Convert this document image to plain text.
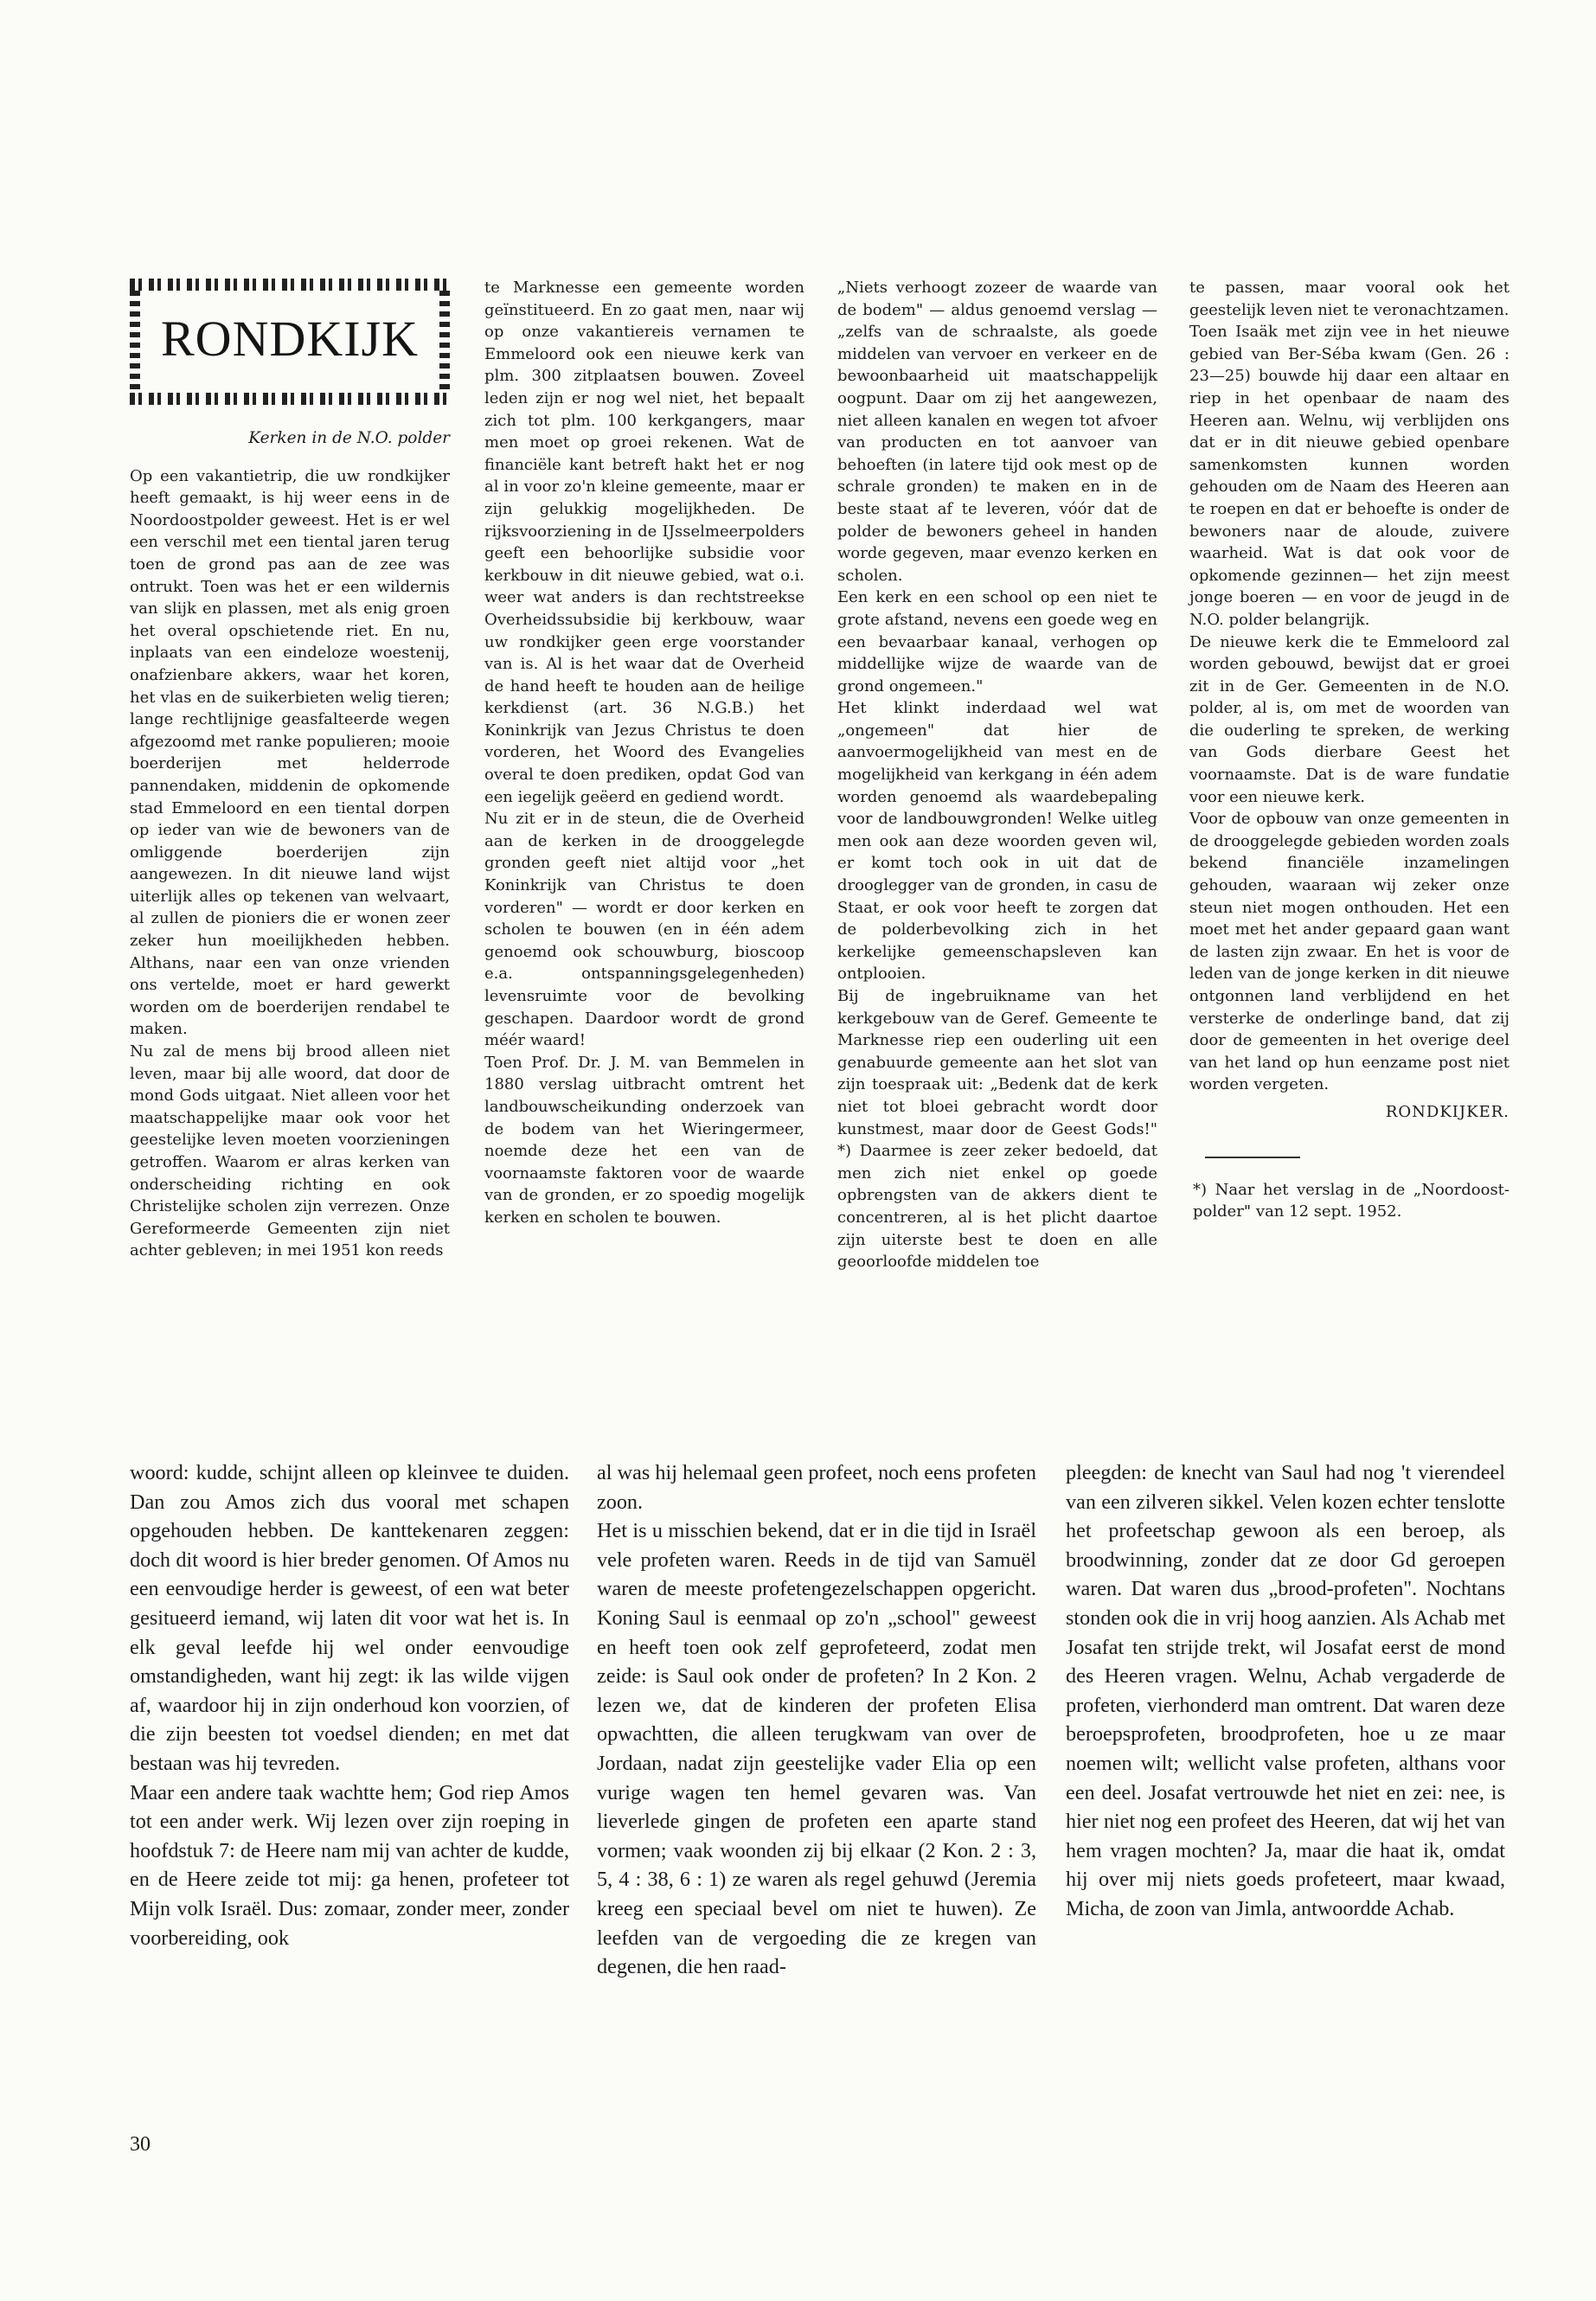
RONDKIJK

Kerken in de N.O. polder

Op een vakantietrip, die uw rondkijker heeft gemaakt, is hij weer eens in de Noordoostpolder geweest. Het is er wel een verschil met een tiental jaren terug toen de grond pas aan de zee was ontrukt. Toen was het er een wildernis van slijk en plassen, met als enig groen het overal opschietende riet. En nu, inplaats van een eindeloze woestenij, onafzienbare akkers, waar het koren, het vlas en de suikerbieten welig tieren; lange rechtlijnige geasfalteerde wegen afgezoomd met ranke populieren; mooie boerderijen met helderrode pannendaken, middenin de opkomende stad Emmeloord en een tiental dorpen op ieder van wie de bewoners van de omliggende boerderijen zijn aangewezen. In dit nieuwe land wijst uiterlijk alles op tekenen van welvaart, al zullen de pioniers die er wonen zeer zeker hun moeilijkheden hebben. Althans, naar een van onze vrienden ons vertelde, moet er hard gewerkt worden om de boerderijen rendabel te maken.

Nu zal de mens bij brood alleen niet leven, maar bij alle woord, dat door de mond Gods uitgaat. Niet alleen voor het maatschappelijke maar ook voor het geestelijke leven moeten voorzieningen getroffen. Waarom er alras kerken van onderscheiding richting en ook Christelijke scholen zijn verrezen. Onze Gereformeerde Gemeenten zijn niet achter gebleven; in mei 1951 kon reeds

te Marknesse een gemeente worden geïnstitueerd. En zo gaat men, naar wij op onze vakantiereis vernamen te Emmeloord ook een nieuwe kerk van plm. 300 zitplaatsen bouwen. Zoveel leden zijn er nog wel niet, het bepaalt zich tot plm. 100 kerkgangers, maar men moet op groei rekenen. Wat de financiële kant betreft hakt het er nog al in voor zo'n kleine gemeente, maar er zijn gelukkig mogelijkheden. De rijksvoorziening in de IJsselmeerpolders geeft een behoorlijke subsidie voor kerkbouw in dit nieuwe gebied, wat o.i. weer wat anders is dan rechtstreekse Overheidssubsidie bij kerkbouw, waar uw rondkijker geen erge voorstander van is. Al is het waar dat de Overheid de hand heeft te houden aan de heilige kerkdienst (art. 36 N.G.B.) het Koninkrijk van Jezus Christus te doen vorderen, het Woord des Evangelies overal te doen prediken, opdat God van een iegelijk geëerd en gediend wordt.

Nu zit er in de steun, die de Overheid aan de kerken in de drooggelegde gronden geeft niet altijd voor „het Koninkrijk van Christus te doen vorderen" — wordt er door kerken en scholen te bouwen (en in één adem genoemd ook schouwburg, bioscoop e.a. ontspanningsgelegenheden) levensruimte voor de bevolking geschapen. Daardoor wordt de grond méér waard!

Toen Prof. Dr. J. M. van Bemmelen in 1880 verslag uitbracht omtrent het landbouwscheikunding onderzoek van de bodem van het Wieringermeer, noemde deze het een van de voornaamste faktoren voor de waarde van de gronden, er zo spoedig mogelijk kerken en scholen te bouwen.

„Niets verhoogt zozeer de waarde van de bodem" — aldus genoemd verslag — „zelfs van de schraalste, als goede middelen van vervoer en verkeer en de bewoonbaarheid uit maatschappelijk oogpunt. Daar om zij het aangewezen, niet alleen kanalen en wegen tot afvoer van producten en tot aanvoer van behoeften (in latere tijd ook mest op de schrale gronden) te maken en in de beste staat af te leveren, vóór dat de polder de bewoners geheel in handen worde gegeven, maar evenzo kerken en scholen.

Een kerk en een school op een niet te grote afstand, nevens een goede weg en een bevaarbaar kanaal, verhogen op middellijke wijze de waarde van de grond ongemeen."

Het klinkt inderdaad wel wat „ongemeen" dat hier de aanvoermogelijkheid van mest en de mogelijkheid van kerkgang in één adem worden genoemd als waardebepaling voor de landbouwgronden! Welke uitleg men ook aan deze woorden geven wil, er komt toch ook in uit dat de drooglegger van de gronden, in casu de Staat, er ook voor heeft te zorgen dat de polderbevolking zich in het kerkelijke gemeenschapsleven kan ontplooien.

Bij de ingebruikname van het kerkgebouw van de Geref. Gemeente te Marknesse riep een ouderling uit een genabuurde gemeente aan het slot van zijn toespraak uit: „Bedenk dat de kerk niet tot bloei gebracht wordt door kunstmest, maar door de Geest Gods!" *) Daarmee is zeer zeker bedoeld, dat men zich niet enkel op goede opbrengsten van de akkers dient te concentreren, al is het plicht daartoe zijn uiterste best te doen en alle geoorloofde middelen toe

te passen, maar vooral ook het geestelijk leven niet te veronachtzamen.

Toen Isaäk met zijn vee in het nieuwe gebied van Ber-Séba kwam (Gen. 26 : 23—25) bouwde hij daar een altaar en riep in het openbaar de naam des Heeren aan. Welnu, wij verblijden ons dat er in dit nieuwe gebied openbare samenkomsten kunnen worden gehouden om de Naam des Heeren aan te roepen en dat er behoefte is onder de bewoners naar de aloude, zuivere waarheid. Wat is dat ook voor de opkomende gezinnen— het zijn meest jonge boeren — en voor de jeugd in de N.O. polder belangrijk.

De nieuwe kerk die te Emmeloord zal worden gebouwd, bewijst dat er groei zit in de Ger. Gemeenten in de N.O. polder, al is, om met de woorden van die ouderling te spreken, de werking van Gods dierbare Geest het voornaamste. Dat is de ware fundatie voor een nieuwe kerk.

Voor de opbouw van onze gemeenten in de drooggelegde gebieden worden zoals bekend financiële inzamelingen gehouden, waaraan wij zeker onze steun niet mogen onthouden. Het een moet met het ander gepaard gaan want de lasten zijn zwaar. En het is voor de leden van de jonge kerken in dit nieuwe ontgonnen land verblijdend en het versterke de onderlinge band, dat zij door de gemeenten in het overige deel van het land op hun eenzame post niet worden vergeten.

RONDKIJKER.

*) Naar het verslag in de „Noordoost-polder" van 12 sept. 1952.

woord: kudde, schijnt alleen op kleinvee te duiden. Dan zou Amos zich dus vooral met schapen opgehouden hebben. De kanttekenaren zeggen: doch dit woord is hier breder genomen. Of Amos nu een eenvoudige herder is geweest, of een wat beter gesitueerd iemand, wij laten dit voor wat het is. In elk geval leefde hij wel onder eenvoudige omstandigheden, want hij zegt: ik las wilde vijgen af, waardoor hij in zijn onderhoud kon voorzien, of die zijn beesten tot voedsel dienden; en met dat bestaan was hij tevreden.

Maar een andere taak wachtte hem; God riep Amos tot een ander werk. Wij lezen over zijn roeping in hoofdstuk 7: de Heere nam mij van achter de kudde, en de Heere zeide tot mij: ga henen, profeteer tot Mijn volk Israël. Dus: zomaar, zonder meer, zonder voorbereiding, ook

al was hij helemaal geen profeet, noch eens profeten zoon.

Het is u misschien bekend, dat er in die tijd in Israël vele profeten waren. Reeds in de tijd van Samuël waren de meeste profetengezelschappen opgericht. Koning Saul is eenmaal op zo'n „school" geweest en heeft toen ook zelf geprofeteerd, zodat men zeide: is Saul ook onder de profeten? In 2 Kon. 2 lezen we, dat de kinderen der profeten Elisa opwachtten, die alleen terugkwam van over de Jordaan, nadat zijn geestelijke vader Elia op een vurige wagen ten hemel gevaren was. Van lieverlede gingen de profeten een aparte stand vormen; vaak woonden zij bij elkaar (2 Kon. 2 : 3, 5, 4 : 38, 6 : 1) ze waren als regel gehuwd (Jeremia kreeg een speciaal bevel om niet te huwen). Ze leefden van de vergoeding die ze kregen van degenen, die hen raad-

pleegden: de knecht van Saul had nog 't vierendeel van een zilveren sikkel. Velen kozen echter tenslotte het profeetschap gewoon als een beroep, als broodwinning, zonder dat ze door Gd geroepen waren. Dat waren dus „brood-profeten". Nochtans stonden ook die in vrij hoog aanzien. Als Achab met Josafat ten strijde trekt, wil Josafat eerst de mond des Heeren vragen. Welnu, Achab vergaderde de profeten, vierhonderd man omtrent. Dat waren deze beroepsprofeten, broodprofeten, hoe u ze maar noemen wilt; wellicht valse profeten, althans voor een deel. Josafat vertrouwde het niet en zei: nee, is hier niet nog een profeet des Heeren, dat wij het van hem vragen mochten? Ja, maar die haat ik, omdat hij over mij niets goeds profeteert, maar kwaad, Micha, de zoon van Jimla, antwoordde Achab.

30
